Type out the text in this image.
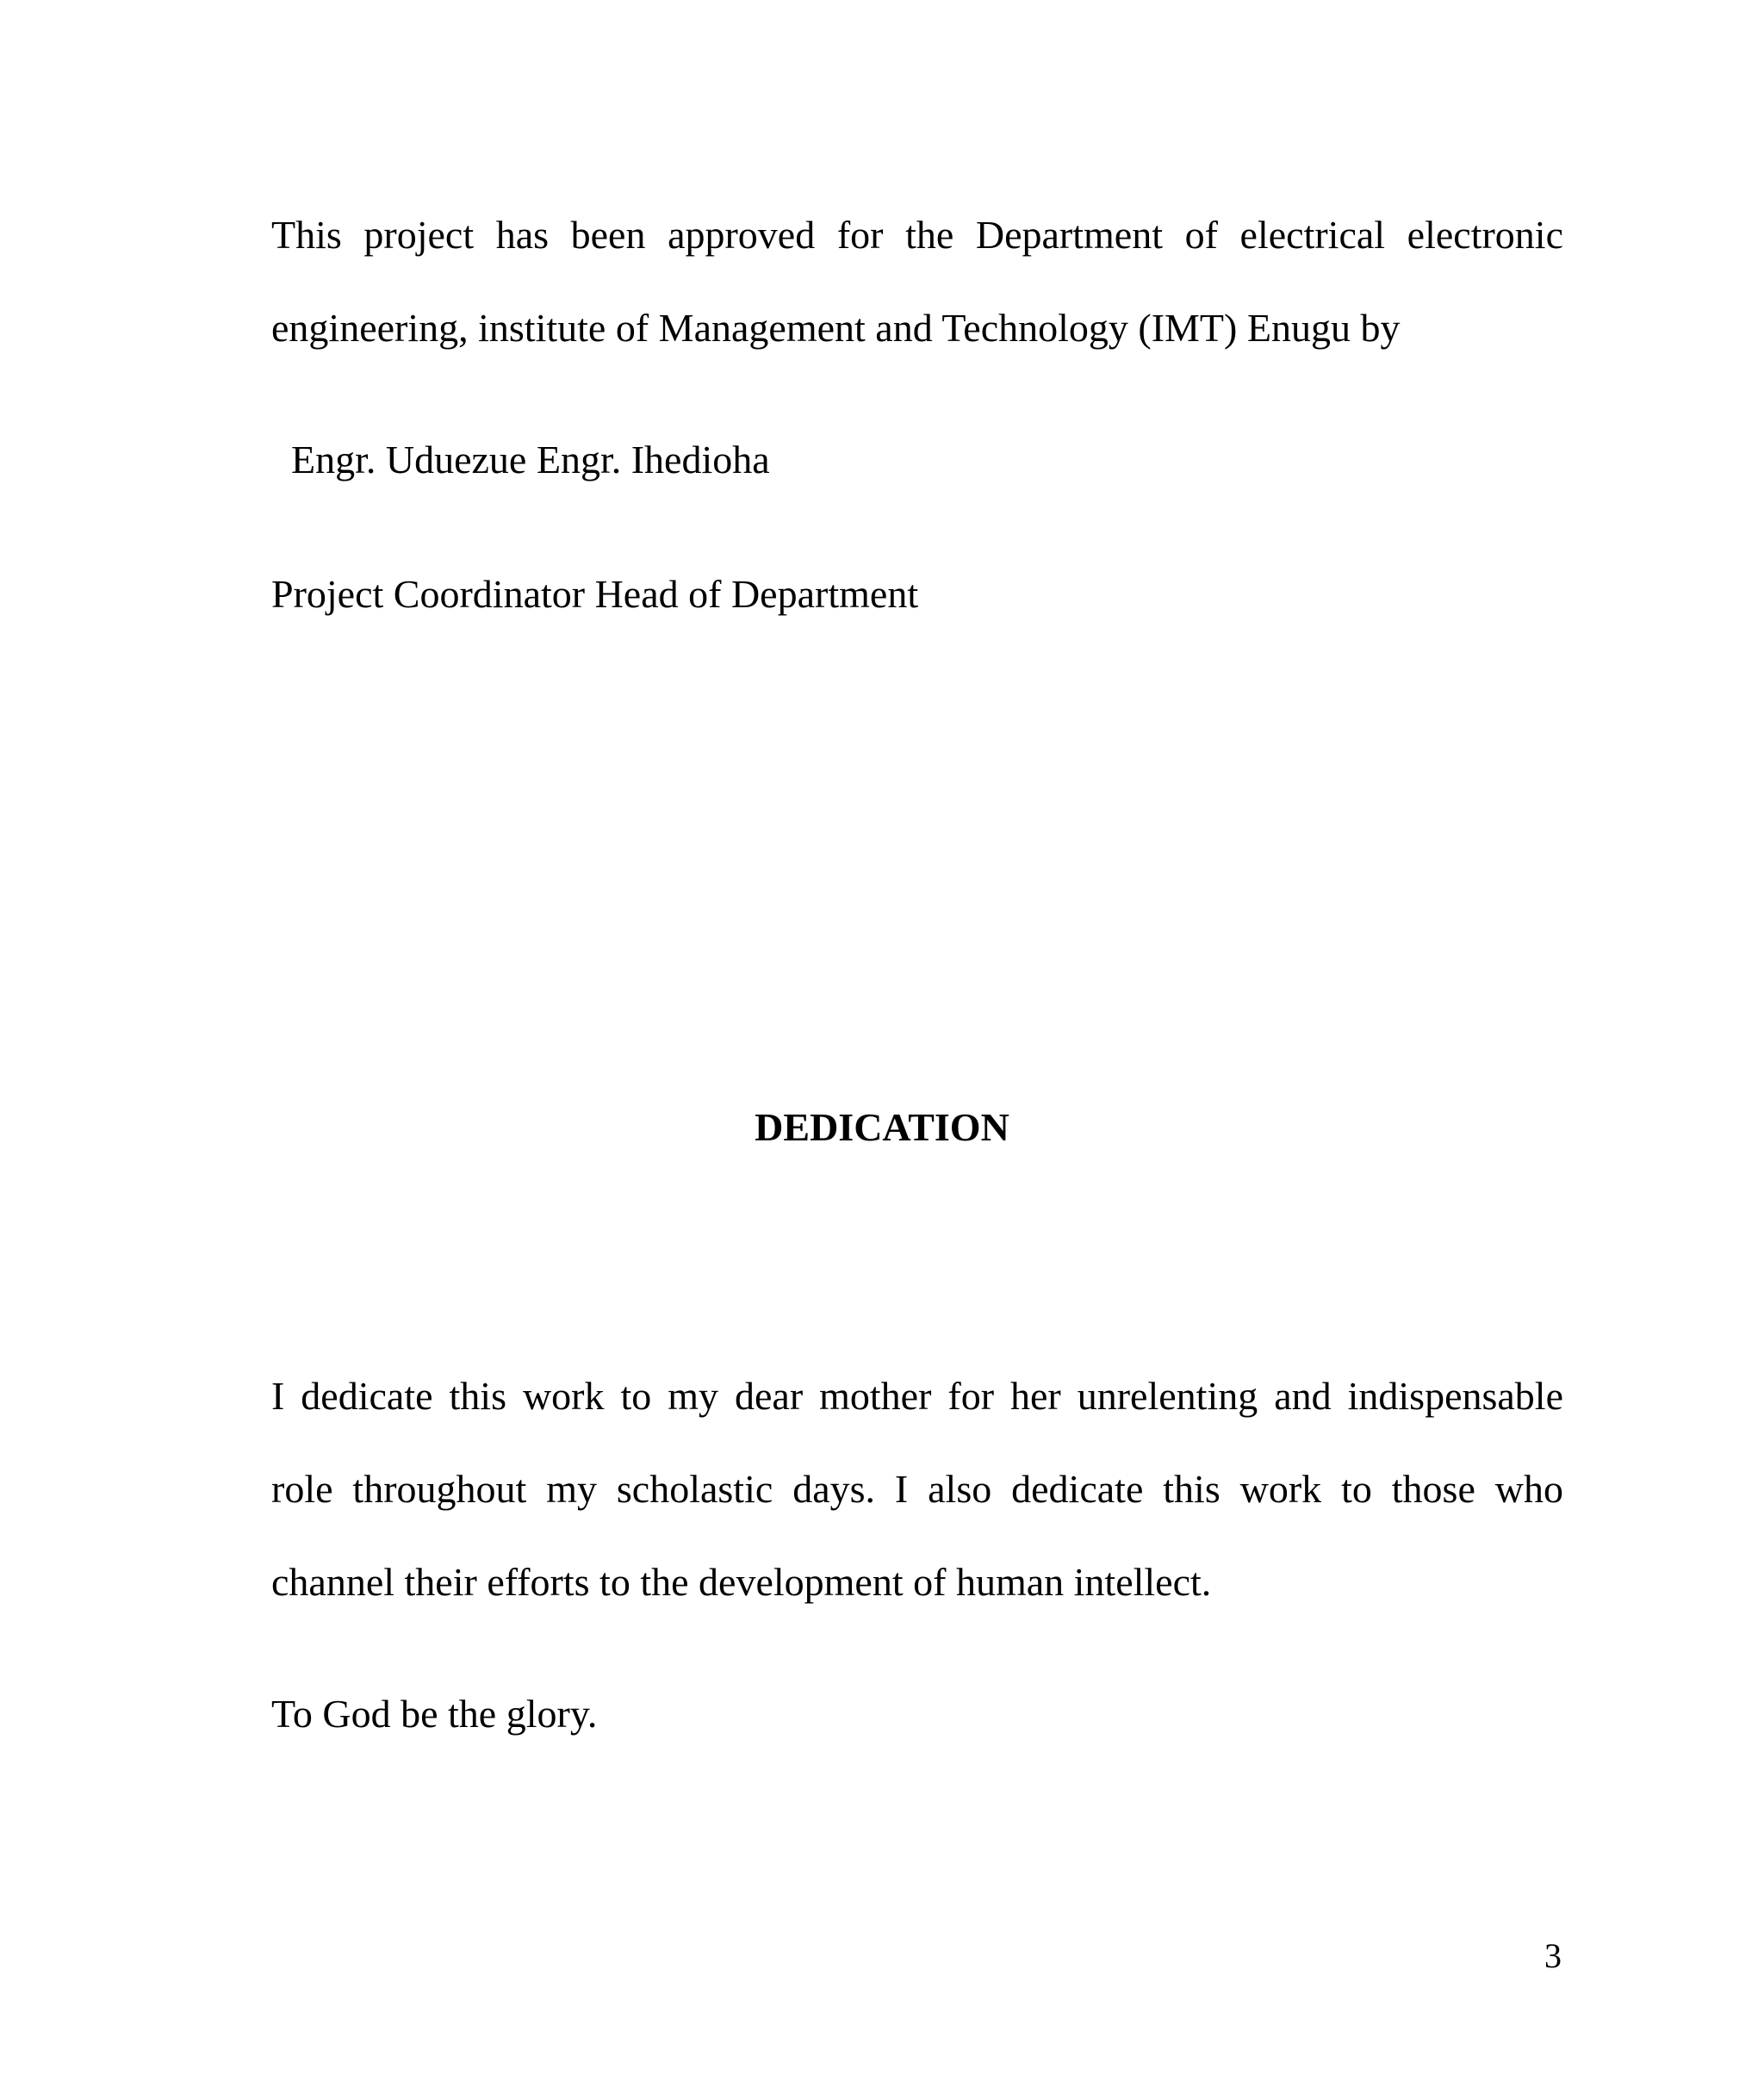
This project has been approved for the Department of electrical electronic
engineering, institute of Management and Technology (IMT) Enugu by
Engr. Uduezue Engr. Ihedioha
Project Coordinator Head of Department
DEDICATION
I dedicate this work to my dear mother for her unrelenting and indispensable
role throughout my scholastic days. I also dedicate this work to those who
channel their efforts to the development of human intellect.
To God be the glory.
3
